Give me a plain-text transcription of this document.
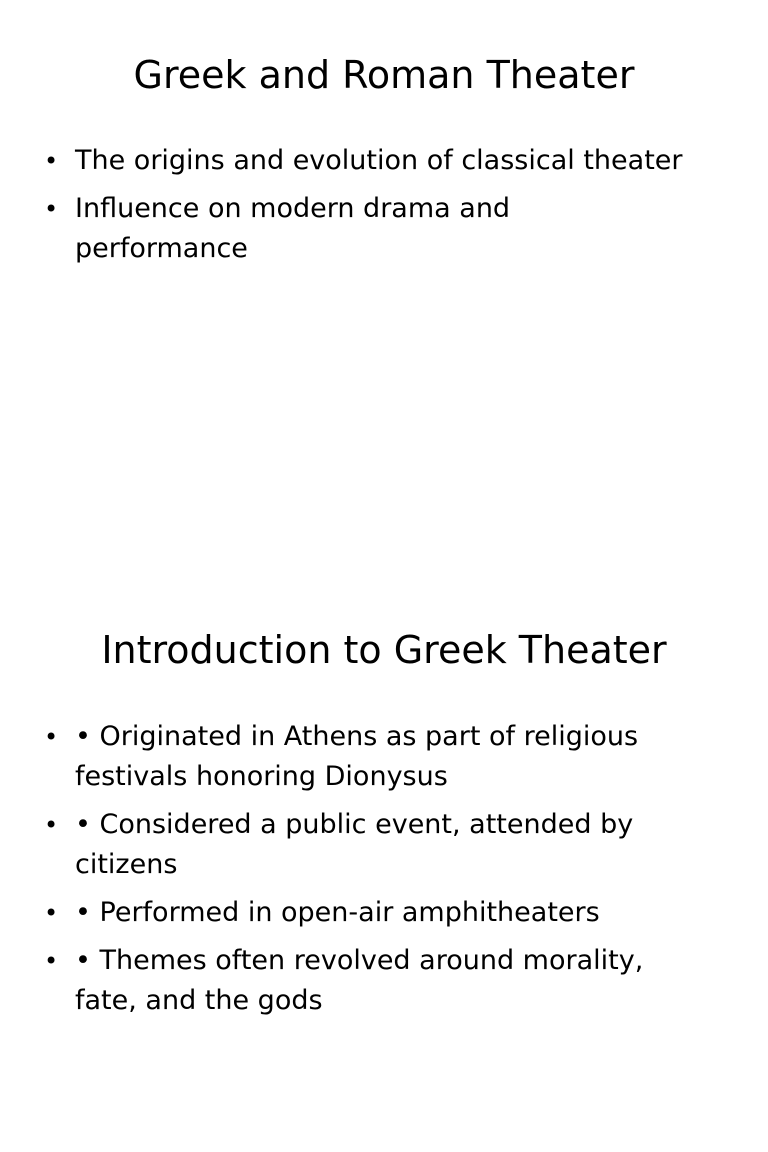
Greek and Roman Theater
• The origins and evolution of classical theater
• Influence on modern drama and performance
Introduction to Greek Theater
• • Originated in Athens as part of religious festivals honoring Dionysus
• • Considered a public event, attended by citizens
• • Performed in open-air amphitheaters
• • Themes often revolved around morality, fate, and the gods
